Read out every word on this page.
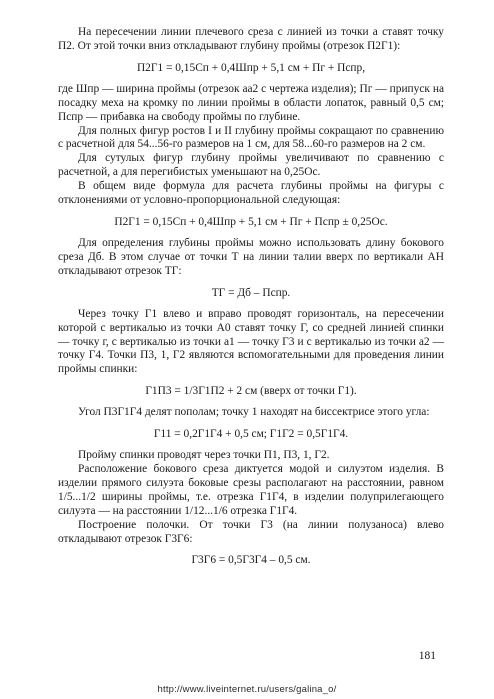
На пересечении линии плечевого среза с линией из точки а ставят точку П2. От этой точки вниз откладывают глубину проймы (отрезок П2Г1):

П2Г1 = 0,15Сп + 0,4Шпр + 5,1 см + Пг + Пспр,

где Шпр — ширина проймы (отрезок аа2 с чертежа изделия); Пг — припуск на посадку меха на кромку по линии проймы в области лопаток, равный 0,5 см; Пспр — прибавка на свободу проймы по глубине.

Для полных фигур ростов I и II глубину проймы сокращают по сравнению с расчетной для 54...56-го размеров на 1 см, для 58...60-го размеров на 2 см.

Для сутулых фигур глубину проймы увеличивают по сравнению с расчетной, а для перегибистых уменьшают на 0,25Ос.

В общем виде формула для расчета глубины проймы на фигуры с отклонениями от условно-пропорциональной следующая:

П2Г1 = 0,15Сп + 0,4Шпр + 5,1 см + Пг + Пспр ± 0,25Ос.

Для определения глубины проймы можно использовать длину бокового среза Дб. В этом случае от точки Т на линии талии вверх по вертикали АН откладывают отрезок ТГ:

ТГ = Дб – Пспр.

Через точку Г1 влево и вправо проводят горизонталь, на пересечении которой с вертикалью из точки А0 ставят точку Г, со средней линией спинки — точку г, с вертикалью из точки а1 — точку Г3 и с вертикалью из точки а2 — точку Г4. Точки П3, 1, Г2 являются вспомогательными для проведения линии проймы спинки:

Г1П3 = 1/3Г1П2 + 2 см (вверх от точки Г1).

Угол П3Г1Г4 делят пополам; точку 1 находят на биссектрисе этого угла:

Г11 = 0,2Г1Г4 + 0,5 см; Г1Г2 = 0,5Г1Г4.

Пройму спинки проводят через точки П1, П3, 1, Г2.

Расположение бокового среза диктуется модой и силуэтом изделия. В изделии прямого силуэта боковые срезы располагают на расстоянии, равном 1/5...1/2 ширины проймы, т.е. отрезка Г1Г4, в изделии полуприлегающего силуэта — на расстоянии 1/12...1/6 отрезка Г1Г4.

Построение полочки. От точки Г3 (на линии полузаноса) влево откладывают отрезок Г3Г6:

Г3Г6 = 0,5Г3Г4 – 0,5 см.
181
http://www.liveinternet.ru/users/galina_o/
